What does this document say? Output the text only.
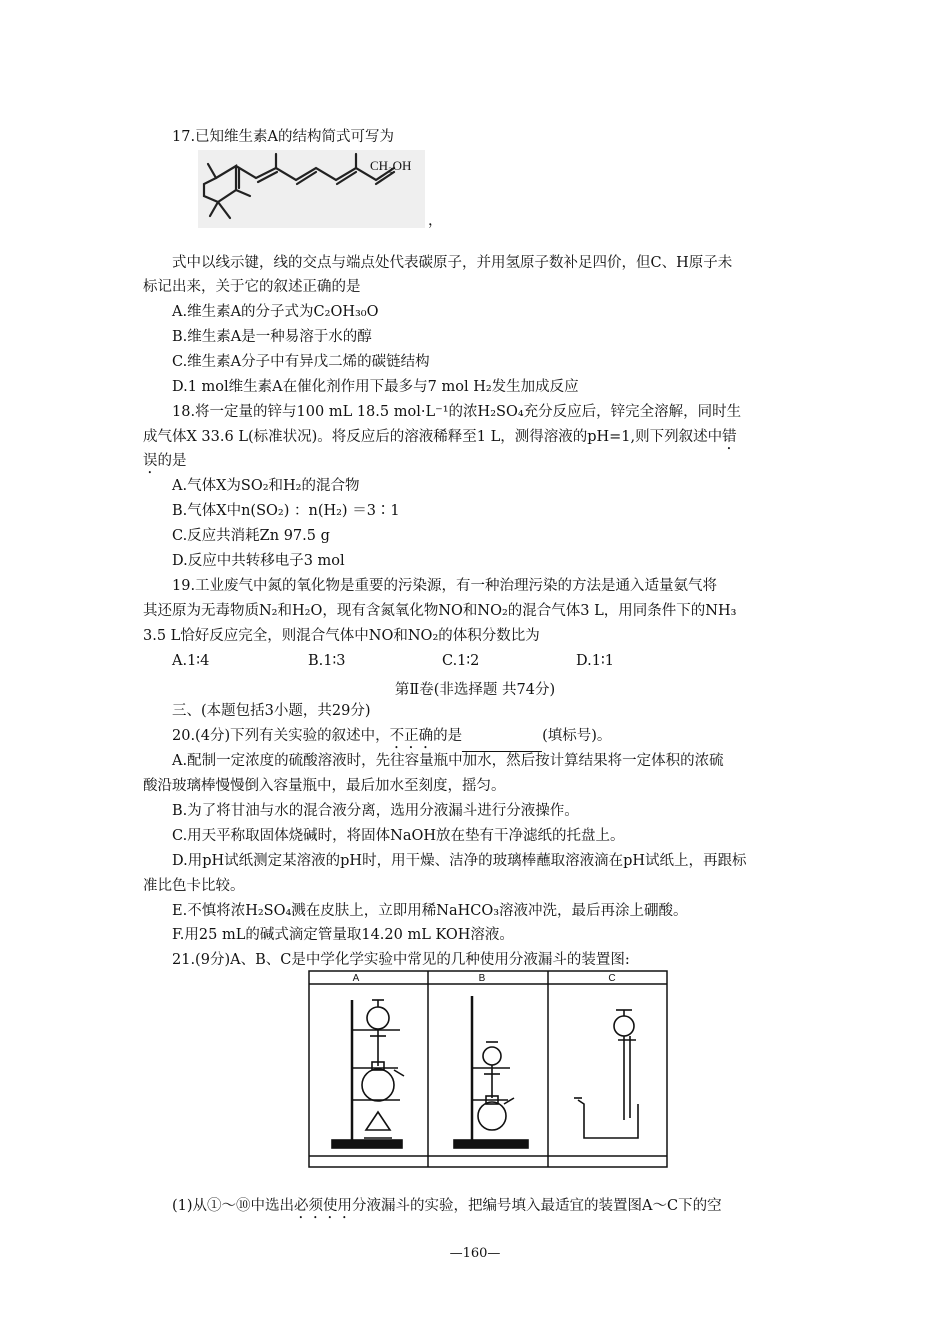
17.已知维生素A的结构简式可写为
CH₂OH
，
式中以线示键，线的交点与端点处代表碳原子，并用氢原子数补足四价，但C、H原子未
标记出来，关于它的叙述正确的是
A.维生素A的分子式为C₂OH₃₀O
B.维生素A是一种易溶于水的醇
C.维生素A分子中有异戊二烯的碳链结构
D.1 mol维生素A在催化剂作用下最多与7 mol H₂发生加成反应
18.将一定量的锌与100 mL 18.5 mol·L⁻¹的浓H₂SO₄充分反应后，锌完全溶解，同时生
成气体X 33.6 L(标准状况)。将反应后的溶液稀释至1 L，测得溶液的pH=1,则下列叙述中错
误的是
A.气体X为SO₂和H₂的混合物
B.气体X中n(SO₂) ：n(H₂) ＝3∶1
C.反应共消耗Zn 97.5 g
D.反应中共转移电子3 mol
19.工业废气中氮的氧化物是重要的污染源，有一种治理污染的方法是通入适量氨气将
其还原为无毒物质N₂和H₂O，现有含氮氧化物NO和NO₂的混合气体3 L，用同条件下的NH₃
3.5 L恰好反应完全，则混合气体中NO和NO₂的体积分数比为
A.1∶4	B.1∶3	C.1∶2	D.1∶1
第Ⅱ卷(非选择题 共74分)
三、(本题包括3小题，共29分)
20.(4分)下列有关实验的叙述中，不正确的是	(填标号)。
A.配制一定浓度的硫酸溶液时，先往容量瓶中加水，然后按计算结果将一定体积的浓硫
酸沿玻璃棒慢慢倒入容量瓶中，最后加水至刻度，摇匀。
B.为了将甘油与水的混合液分离，选用分液漏斗进行分液操作。
C.用天平称取固体烧碱时，将固体NaOH放在垫有干净滤纸的托盘上。
D.用pH试纸测定某溶液的pH时，用干燥、洁净的玻璃棒蘸取溶液滴在pH试纸上，再跟标
准比色卡比较。
E.不慎将浓H₂SO₄溅在皮肤上，立即用稀NaHCO₃溶液冲洗，最后再涂上硼酸。
F.用25 mL的碱式滴定管量取14.20 mL KOH溶液。
21.(9分)A、B、C是中学化学实验中常见的几种使用分液漏斗的装置图:
A	B	C
(1)从①～⑩中选出必须使用分液漏斗的实验，把编号填入最适宜的装置图A～C下的空
—160—
